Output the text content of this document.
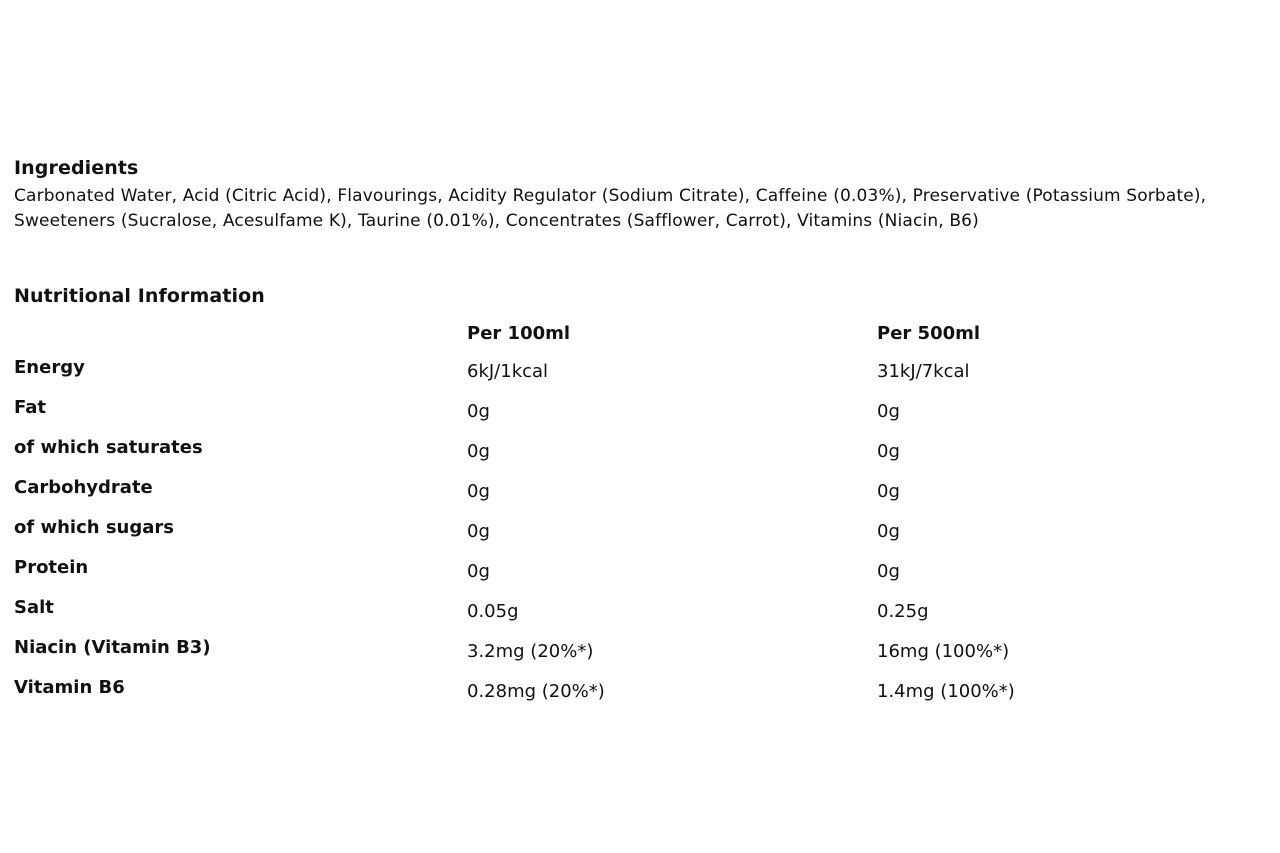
Ingredients

Carbonated Water, Acid (Citric Acid), Flavourings, Acidity Regulator (Sodium Citrate), Caffeine (0.03%), Preservative (Potassium Sorbate), Sweeteners (Sucralose, Acesulfame K), Taurine (0.01%), Concentrates (Safflower, Carrot), Vitamins (Niacin, B6)

Nutritional Information
Per 100ml	Per 500ml
Energy	6kJ/1kcal	31kJ/7kcal
Fat	0g	0g
of which saturates	0g	0g
Carbohydrate	0g	0g
of which sugars	0g	0g
Protein	0g	0g
Salt	0.05g	0.25g
Niacin (Vitamin B3)	3.2mg (20%*)	16mg (100%*)
Vitamin B6	0.28mg (20%*)	1.4mg (100%*)
